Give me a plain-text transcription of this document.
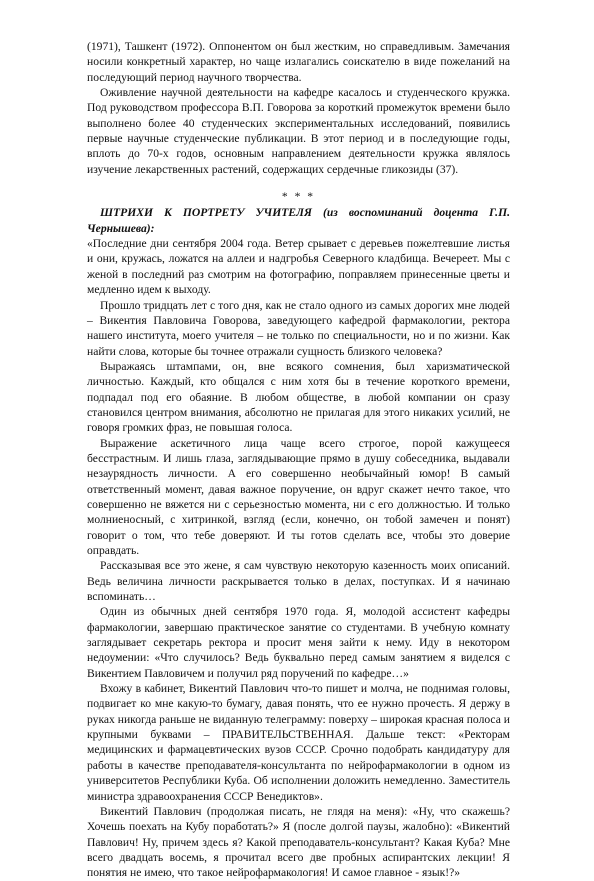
(1971), Ташкент (1972). Оппонентом он был жестким, но справедливым. Замечания носили конкретный характер, но чаще излагались соискателю в виде пожеланий на последующий период научного творчества.

Оживление научной деятельности на кафедре касалось и студенческого кружка. Под руководством профессора В.П. Говорова за короткий промежуток времени было выполнено более 40 студенческих экспериментальных исследований, появились первые научные студенческие публикации. В этот период и в последующие годы, вплоть до 70-х годов, основным направлением деятельности кружка являлось изучение лекарственных растений, содержащих сердечные гликозиды (37).

* * *

ШТРИХИ К ПОРТРЕТУ УЧИТЕЛЯ (из воспоминаний доцента Г.П. Чернышева):

«Последние дни сентября 2004 года. Ветер срывает с деревьев пожелтевшие листья и они, кружась, ложатся на аллеи и надгробья Северного кладбища. Вечереет. Мы с женой в последний раз смотрим на фотографию, поправляем принесенные цветы и медленно идем к выходу.

Прошло тридцать лет с того дня, как не стало одного из самых дорогих мне людей – Викентия Павловича Говорова, заведующего кафедрой фармакологии, ректора нашего института, моего учителя – не только по специальности, но и по жизни. Как найти слова, которые бы точнее отражали сущность близкого человека?

Выражаясь штампами, он, вне всякого сомнения, был харизматической личностью. Каждый, кто общался с ним хотя бы в течение короткого времени, подпадал под его обаяние. В любом обществе, в любой компании он сразу становился центром внимания, абсолютно не прилагая для этого никаких усилий, не говоря громких фраз, не повышая голоса.

Выражение аскетичного лица чаще всего строгое, порой кажущееся бесстрастным. И лишь глаза, заглядывающие прямо в душу собеседника, выдавали незаурядность личности. А его совершенно необычайный юмор! В самый ответственный момент, давая важное поручение, он вдруг скажет нечто такое, что совершенно не вяжется ни с серьезностью момента, ни с его должностью. И только молниеносный, с хитринкой, взгляд (если, конечно, он тобой замечен и понят) говорит о том, что тебе доверяют. И ты готов сделать все, чтобы это доверие оправдать.

Рассказывая все это жене, я сам чувствую некоторую казенность моих описаний. Ведь величина личности раскрывается только в делах, поступках. И я начинаю вспоминать…

Один из обычных дней сентября 1970 года. Я, молодой ассистент кафедры фармакологии, завершаю практическое занятие со студентами. В учебную комнату заглядывает секретарь ректора и просит меня зайти к нему. Иду в некотором недоумении: «Что случилось? Ведь буквально перед самым занятием я виделся с Викентием Павловичем и получил ряд поручений по кафедре…»

Вхожу в кабинет, Викентий Павлович что-то пишет и молча, не поднимая головы, подвигает ко мне какую-то бумагу, давая понять, что ее нужно прочесть. Я держу в руках никогда раньше не виданную телеграмму: поверху – широкая красная полоса и крупными буквами – ПРАВИТЕЛЬСТВЕННАЯ. Дальше текст: «Ректорам медицинских и фармацевтических вузов СССР. Срочно подобрать кандидатуру для работы в качестве преподавателя-консультанта по нейрофармакологии в одном из университетов Республики Куба. Об исполнении доложить немедленно. Заместитель министра здравоохранения СССР Венедиктов».

Викентий Павлович (продолжая писать, не глядя на меня): «Ну, что скажешь? Хочешь поехать на Кубу поработать?» Я (после долгой паузы, жалобно): «Викентий Павлович! Ну, причем здесь я? Какой преподаватель-консультант? Какая Куба? Мне всего двадцать восемь, я прочитал всего две пробных аспирантских лекции! Я понятия не имею, что такое нейрофармакология! И самое главное - язык!?»
